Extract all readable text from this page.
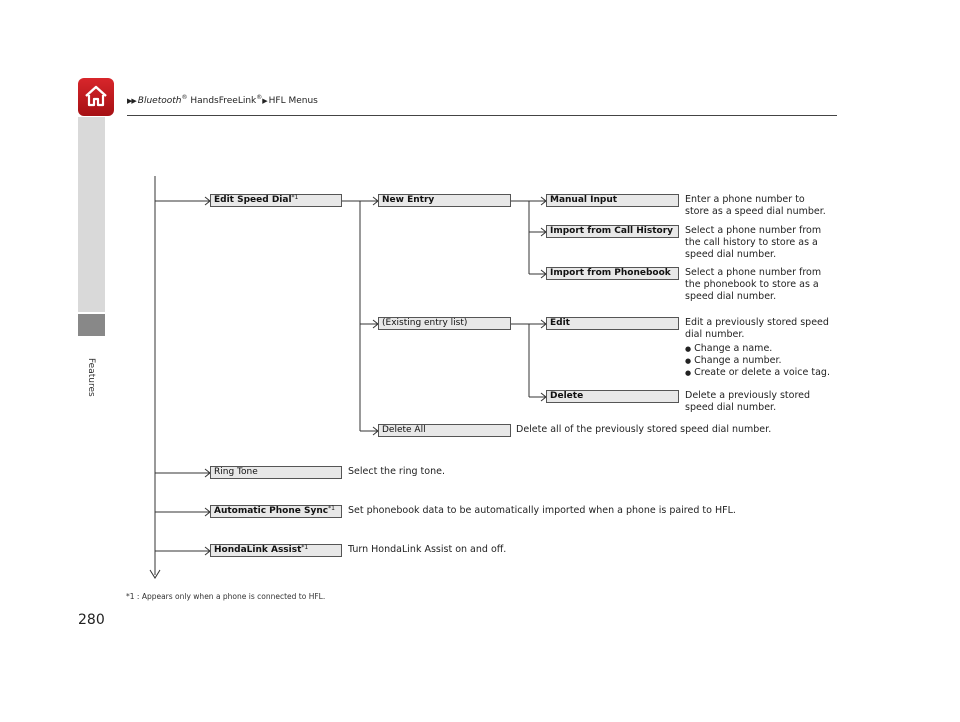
▶▶ Bluetooth® HandsFreeLink®▶ HFL Menus
Features
Edit Speed Dial$^{*1}$
Ring Tone	Select the ring tone.
Automatic Phone Sync$^{*1}$	Set phonebook data to be automatically imported when a phone is paired to HFL.
HondaLink Assist$^{*1}$	Turn HondaLink Assist on and off.
New Entry
(Existing entry list)
Delete All	Delete all of the previously stored speed dial number.
Manual Input	Enter a phone number to
store as a speed dial number.
Import from Call History	Select a phone number from
the call history to store as a
speed dial number.
Import from Phonebook	Select a phone number from
the phonebook to store as a
speed dial number.
Edit	Edit a previously stored speed
dial number.
● Change a name.
● Change a number.
● Create or delete a voice tag.
Delete	Delete a previously stored
speed dial number.
*1 : Appears only when a phone is connected to HFL.
280
